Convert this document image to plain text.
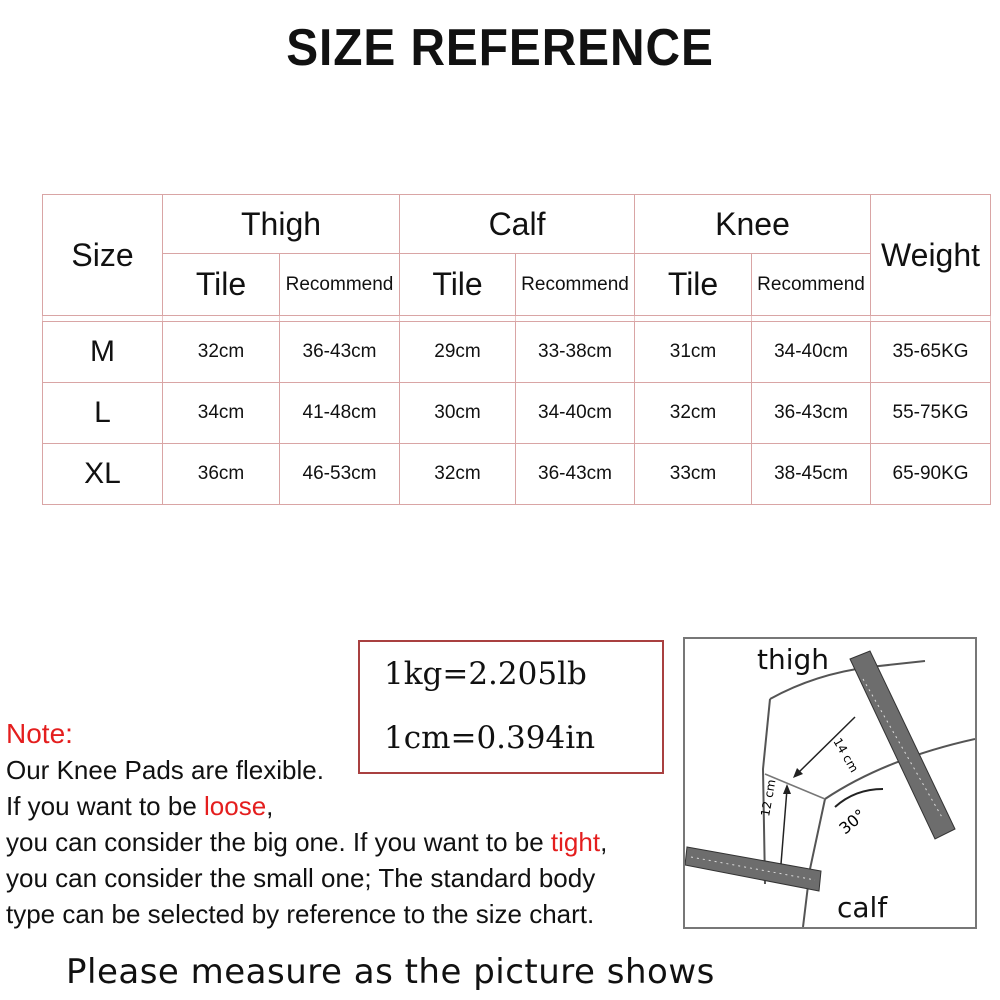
SIZE REFERENCE
Size	Thigh		Calf		Knee		Weight
	Tile	Recommend	Tile	Recommend	Tile	Recommend	

M	32cm	36-43cm	29cm	33-38cm	31cm	34-40cm	35-65KG
L	34cm	41-48cm	30cm	34-40cm	32cm	36-43cm	55-75KG
XL	36cm	46-53cm	32cm	36-43cm	33cm	38-45cm	65-90KG
1kg=2.205lb
1cm=0.394in
Note:
Our Knee Pads are flexible.
If you want to be loose,
you can consider the big one. If you want to be tight,
you can consider the small one; The standard body
type can be selected by reference to the size chart.
14 cm
12 cm
30°
thigh
calf
Please measure as the picture shows
